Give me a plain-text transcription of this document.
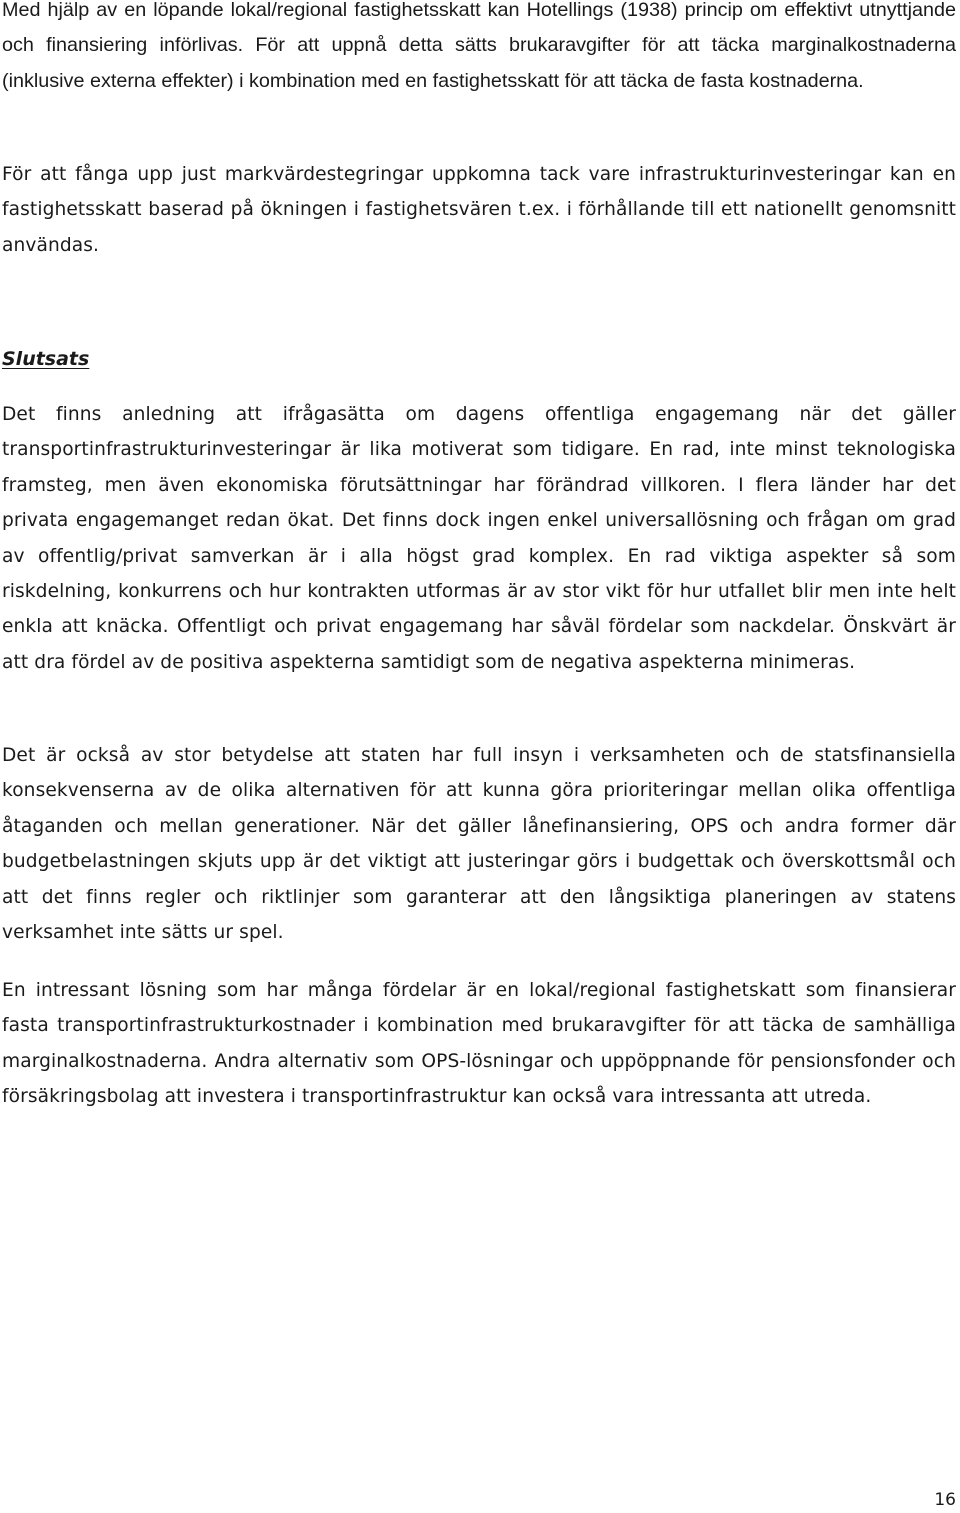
Med hjälp av en löpande lokal/regional fastighetsskatt kan Hotellings (1938) princip om effektivt utnyttjande och finansiering införlivas. För att uppnå detta sätts brukaravgifter för att täcka marginalkostnaderna (inklusive externa effekter) i kombination med en fastighetsskatt för att täcka de fasta kostnaderna.

För att fånga upp just markvärdestegringar uppkomna tack vare infrastrukturinvesteringar kan en fastighetsskatt baserad på ökningen i fastighetsvären t.ex. i förhållande till ett nationellt genomsnitt användas.

Slutsats

Det finns anledning att ifrågasätta om dagens offentliga engagemang när det gäller transportinfrastrukturinvesteringar är lika motiverat som tidigare. En rad, inte minst teknologiska framsteg, men även ekonomiska förutsättningar har förändrad villkoren. I flera länder har det privata engagemanget redan ökat. Det finns dock ingen enkel universallösning och frågan om grad av offentlig/privat samverkan är i alla högst grad komplex. En rad viktiga aspekter så som riskdelning, konkurrens och hur kontrakten utformas är av stor vikt för hur utfallet blir men inte helt enkla att knäcka. Offentligt och privat engagemang har såväl fördelar som nackdelar. Önskvärt är att dra fördel av de positiva aspekterna samtidigt som de negativa aspekterna minimeras.

Det är också av stor betydelse att staten har full insyn i verksamheten och de statsfinansiella konsekvenserna av de olika alternativen för att kunna göra prioriteringar mellan olika offentliga åtaganden och mellan generationer. När det gäller lånefinansiering, OPS och andra former där budgetbelastningen skjuts upp är det viktigt att justeringar görs i budgettak och överskottsmål och att det finns regler och riktlinjer som garanterar att den långsiktiga planeringen av statens verksamhet inte sätts ur spel.

En intressant lösning som har många fördelar är en lokal/regional fastighetskatt som finansierar fasta transportinfrastrukturkostnader i kombination med brukaravgifter för att täcka de samhälliga marginalkostnaderna. Andra alternativ som OPS-lösningar och uppöppnande för pensionsfonder och försäkringsbolag att investera i transportinfrastruktur kan också vara intressanta att utreda.

16
